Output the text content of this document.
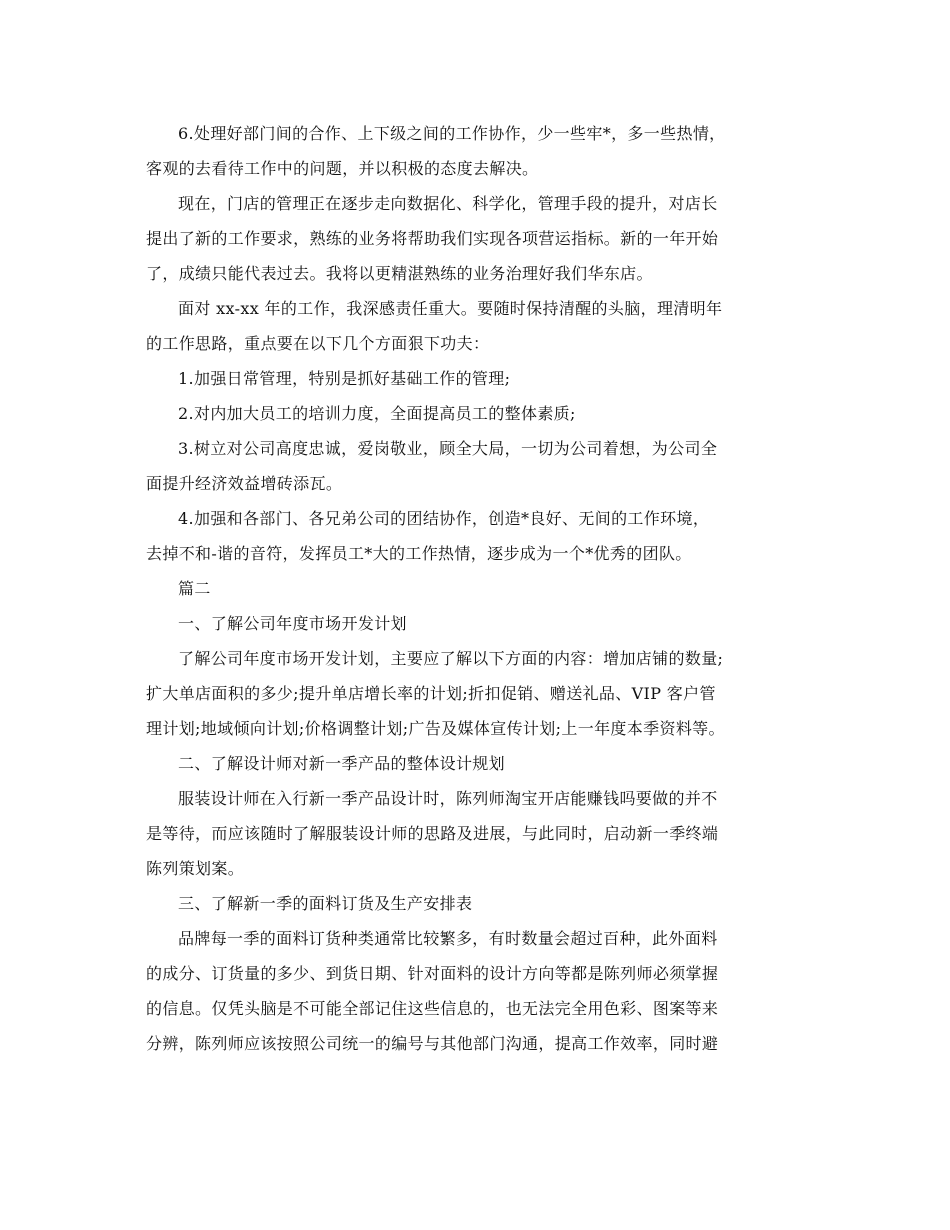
6.处理好部门间的合作、上下级之间的工作协作，少一些牢*，多一些热情，
客观的去看待工作中的问题，并以积极的态度去解决。

现在，门店的管理正在逐步走向数据化、科学化，管理手段的提升，对店长
提出了新的工作要求，熟练的业务将帮助我们实现各项营运指标。新的一年开始
了，成绩只能代表过去。我将以更精湛熟练的业务治理好我们华东店。

面对 xx-xx 年的工作，我深感责任重大。要随时保持清醒的头脑，理清明年
的工作思路，重点要在以下几个方面狠下功夫：

1.加强日常管理，特别是抓好基础工作的管理;

2.对内加大员工的培训力度，全面提高员工的整体素质;

3.树立对公司高度忠诚，爱岗敬业，顾全大局，一切为公司着想，为公司全
面提升经济效益增砖添瓦。

4.加强和各部门、各兄弟公司的团结协作，创造*良好、无间的工作环境，
去掉不和-谐的音符，发挥员工*大的工作热情，逐步成为一个*优秀的团队。

篇二

一、了解公司年度市场开发计划

了解公司年度市场开发计划，主要应了解以下方面的内容：增加店铺的数量;
扩大单店面积的多少;提升单店增长率的计划;折扣促销、赠送礼品、VIP 客户管
理计划;地域倾向计划;价格调整计划;广告及媒体宣传计划;上一年度本季资料等。

二、了解设计师对新一季产品的整体设计规划

服装设计师在入行新一季产品设计时，陈列师淘宝开店能赚钱吗要做的并不
是等待，而应该随时了解服装设计师的思路及进展，与此同时，启动新一季终端
陈列策划案。

三、了解新一季的面料订货及生产安排表

品牌每一季的面料订货种类通常比较繁多，有时数量会超过百种，此外面料
的成分、订货量的多少、到货日期、针对面料的设计方向等都是陈列师必须掌握
的信息。仅凭头脑是不可能全部记住这些信息的，也无法完全用色彩、图案等来
分辨，陈列师应该按照公司统一的编号与其他部门沟通，提高工作效率，同时避
